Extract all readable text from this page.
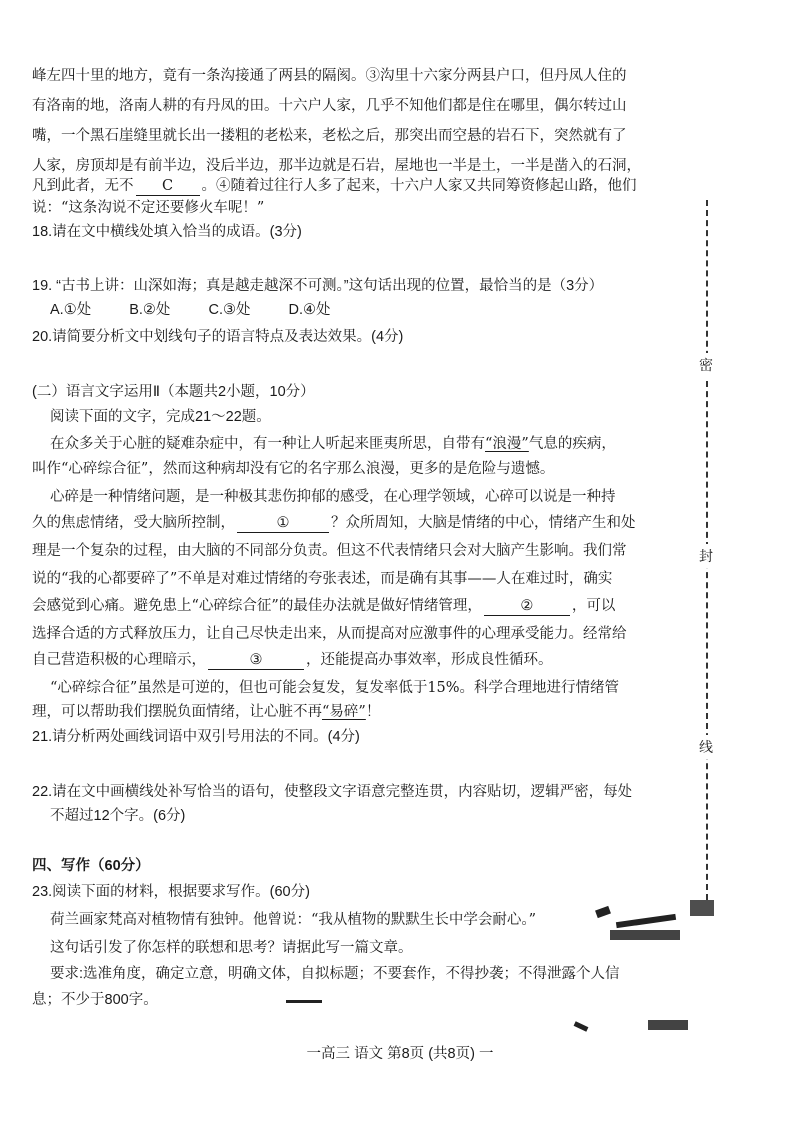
峰左四十里的地方，竟有一条沟接通了两县的隔阂。③沟里十六家分两县户口，但丹凤人住的
有洛南的地，洛南人耕的有丹凤的田。十六户人家，几乎不知他们都是住在哪里，偶尔转过山
嘴，一个黑石崖缝里就长出一搂粗的老松来，老松之后，那突出而空悬的岩石下，突然就有了
人家，房顶却是有前半边，没后半边，那半边就是石岩，屋地也一半是土，一半是凿入的石洞，
凡到此者，无不 C 。④随着过往行人多了起来，十六户人家又共同筹资修起山路，他们
说：“这条沟说不定还要修火车呢！”
18.请在文中横线处填入恰当的成语。(3分)
19. “古书上讲：山深如海；真是越走越深不可测。”这句话出现的位置，最恰当的是（3分）
A.①处	B.②处	C.③处	D.④处
20.请简要分析文中划线句子的语言特点及表达效果。(4分)
(二）语言文字运用Ⅱ（本题共2小题，10分）
阅读下面的文字，完成21～22题。
在众多关于心脏的疑难杂症中，有一种让人听起来匪夷所思，自带有“浪漫”气息的疾病，
叫作“心碎综合征”，然而这种病却没有它的名字那么浪漫，更多的是危险与遗憾。
心碎是一种情绪问题，是一种极其悲伤抑郁的感受，在心理学领域，心碎可以说是一种持
久的焦虑情绪，受大脑所控制，	①	？众所周知，大脑是情绪的中心，情绪产生和处
理是一个复杂的过程，由大脑的不同部分负责。但这不代表情绪只会对大脑产生影响。我们常
说的“我的心都要碎了”不单是对难过情绪的夸张表述，而是确有其事——人在难过时，确实
会感觉到心痛。避免患上“心碎综合征”的最佳办法就是做好情绪管理，	②	，可以
选择合适的方式释放压力，让自己尽快走出来，从而提高对应激事件的心理承受能力。经常给
自己营造积极的心理暗示，	③	，还能提高办事效率，形成良性循环。
“心碎综合征”虽然是可逆的，但也可能会复发，复发率低于15%。科学合理地进行情绪管
理，可以帮助我们摆脱负面情绪，让心脏不再“易碎”！
21.请分析两处画线词语中双引号用法的不同。(4分)
22.请在文中画横线处补写恰当的语句，使整段文字语意完整连贯，内容贴切，逻辑严密，每处
不超过12个字。(6分)
四、写作（60分）
23.阅读下面的材料，根据要求写作。(60分)
荷兰画家梵高对植物情有独钟。他曾说：“我从植物的默默生长中学会耐心。”
这句话引发了你怎样的联想和思考？请据此写一篇文章。
要求:选准角度，确定立意，明确文体，自拟标题；不要套作，不得抄袭；不得泄露个人信
息；不少于800字。
密
封
线
一高三 语文 第8页 (共8页) 一
